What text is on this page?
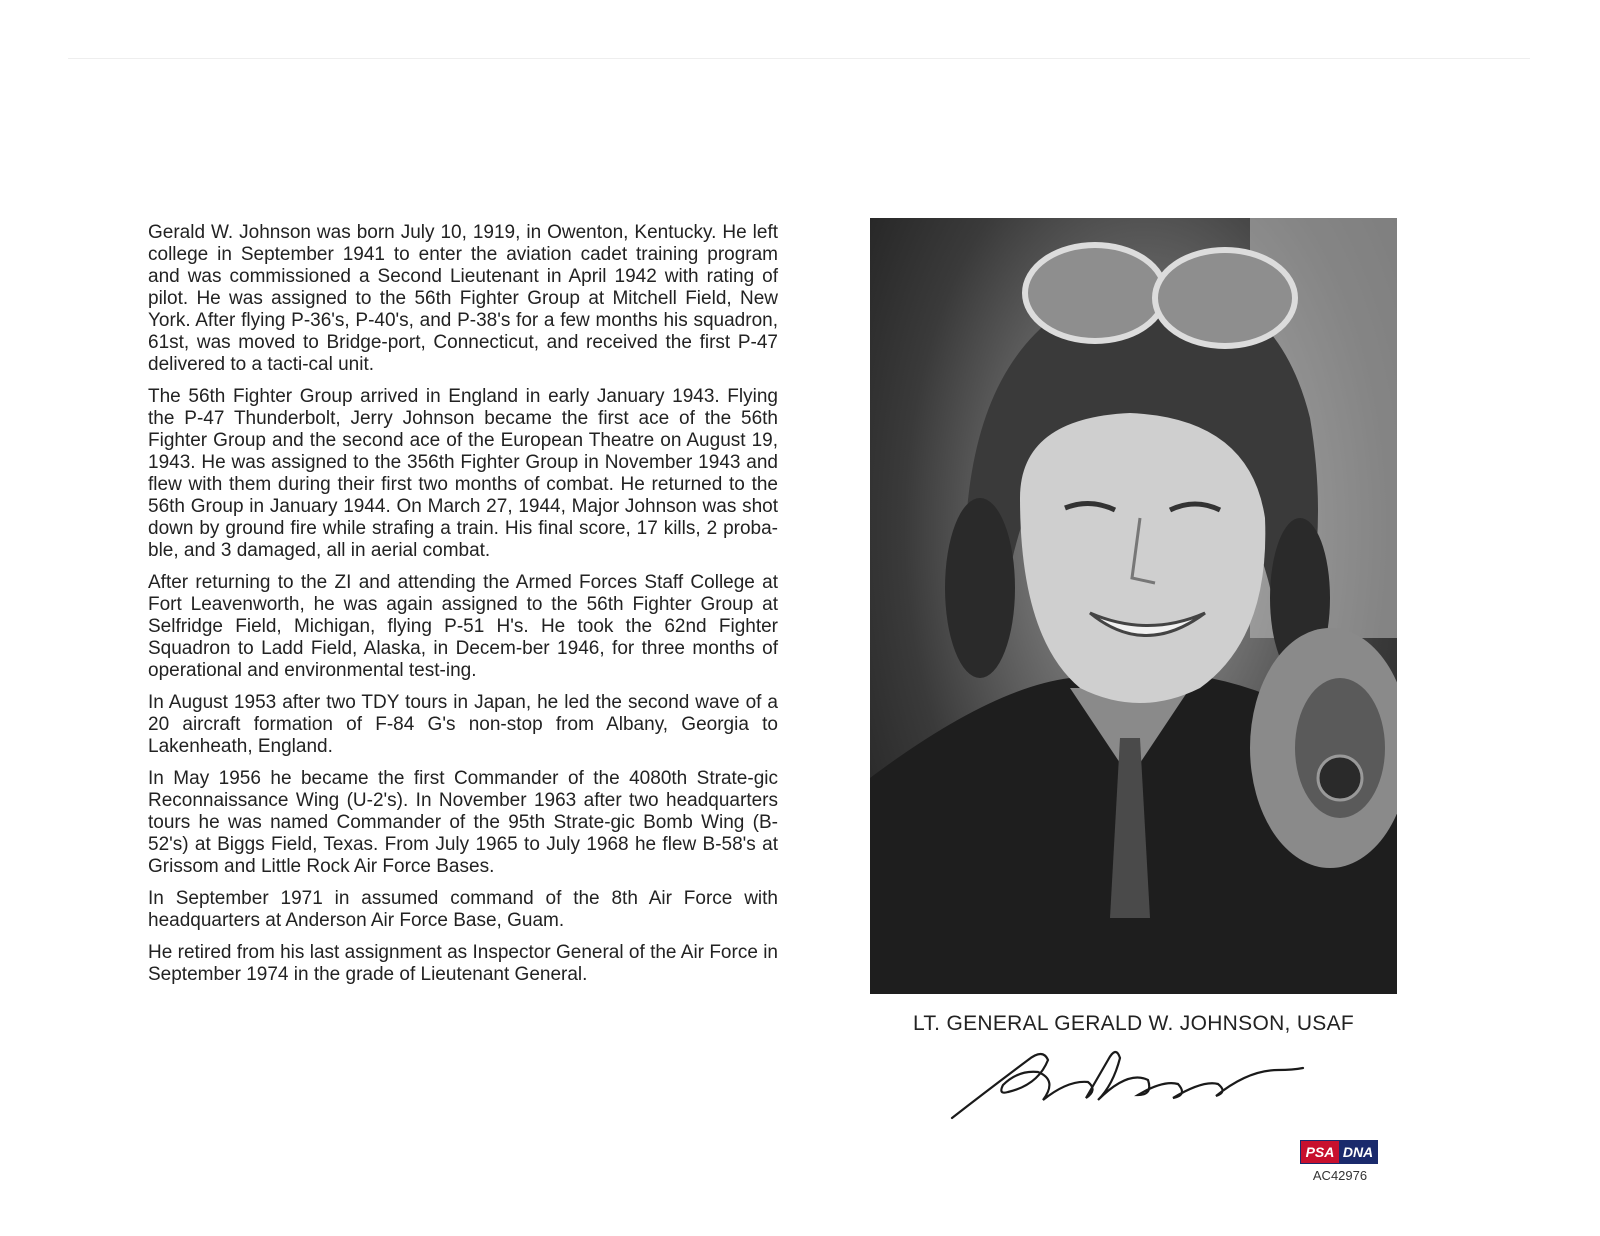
Gerald W. Johnson was born July 10, 1919, in Owenton, Kentucky. He left college in September 1941 to enter the aviation cadet training program and was commissioned a Second Lieutenant in April 1942 with rating of pilot. He was assigned to the 56th Fighter Group at Mitchell Field, New York. After flying P-36's, P-40's, and P-38's for a few months his squadron, 61st, was moved to Bridge-port, Connecticut, and received the first P-47 delivered to a tacti-cal unit.

The 56th Fighter Group arrived in England in early January 1943. Flying the P-47 Thunderbolt, Jerry Johnson became the first ace of the 56th Fighter Group and the second ace of the European Theatre on August 19, 1943. He was assigned to the 356th Fighter Group in November 1943 and flew with them during their first two months of combat. He returned to the 56th Group in January 1944. On March 27, 1944, Major Johnson was shot down by ground fire while strafing a train. His final score, 17 kills, 2 proba-ble, and 3 damaged, all in aerial combat.

After returning to the ZI and attending the Armed Forces Staff College at Fort Leavenworth, he was again assigned to the 56th Fighter Group at Selfridge Field, Michigan, flying P-51 H's. He took the 62nd Fighter Squadron to Ladd Field, Alaska, in Decem-ber 1946, for three months of operational and environmental test-ing.

In August 1953 after two TDY tours in Japan, he led the second wave of a 20 aircraft formation of F-84 G's non-stop from Albany, Georgia to Lakenheath, England.

In May 1956 he became the first Commander of the 4080th Strate-gic Reconnaissance Wing (U-2's). In November 1963 after two headquarters tours he was named Commander of the 95th Strate-gic Bomb Wing (B-52's) at Biggs Field, Texas. From July 1965 to July 1968 he flew B-58's at Grissom and Little Rock Air Force Bases.

In September 1971 in assumed command of the 8th Air Force with headquarters at Anderson Air Force Base, Guam.

He retired from his last assignment as Inspector General of the Air Force in September 1974 in the grade of Lieutenant General.

LT. GENERAL GERALD W. JOHNSON, USAF
PSA DNA
AC42976
